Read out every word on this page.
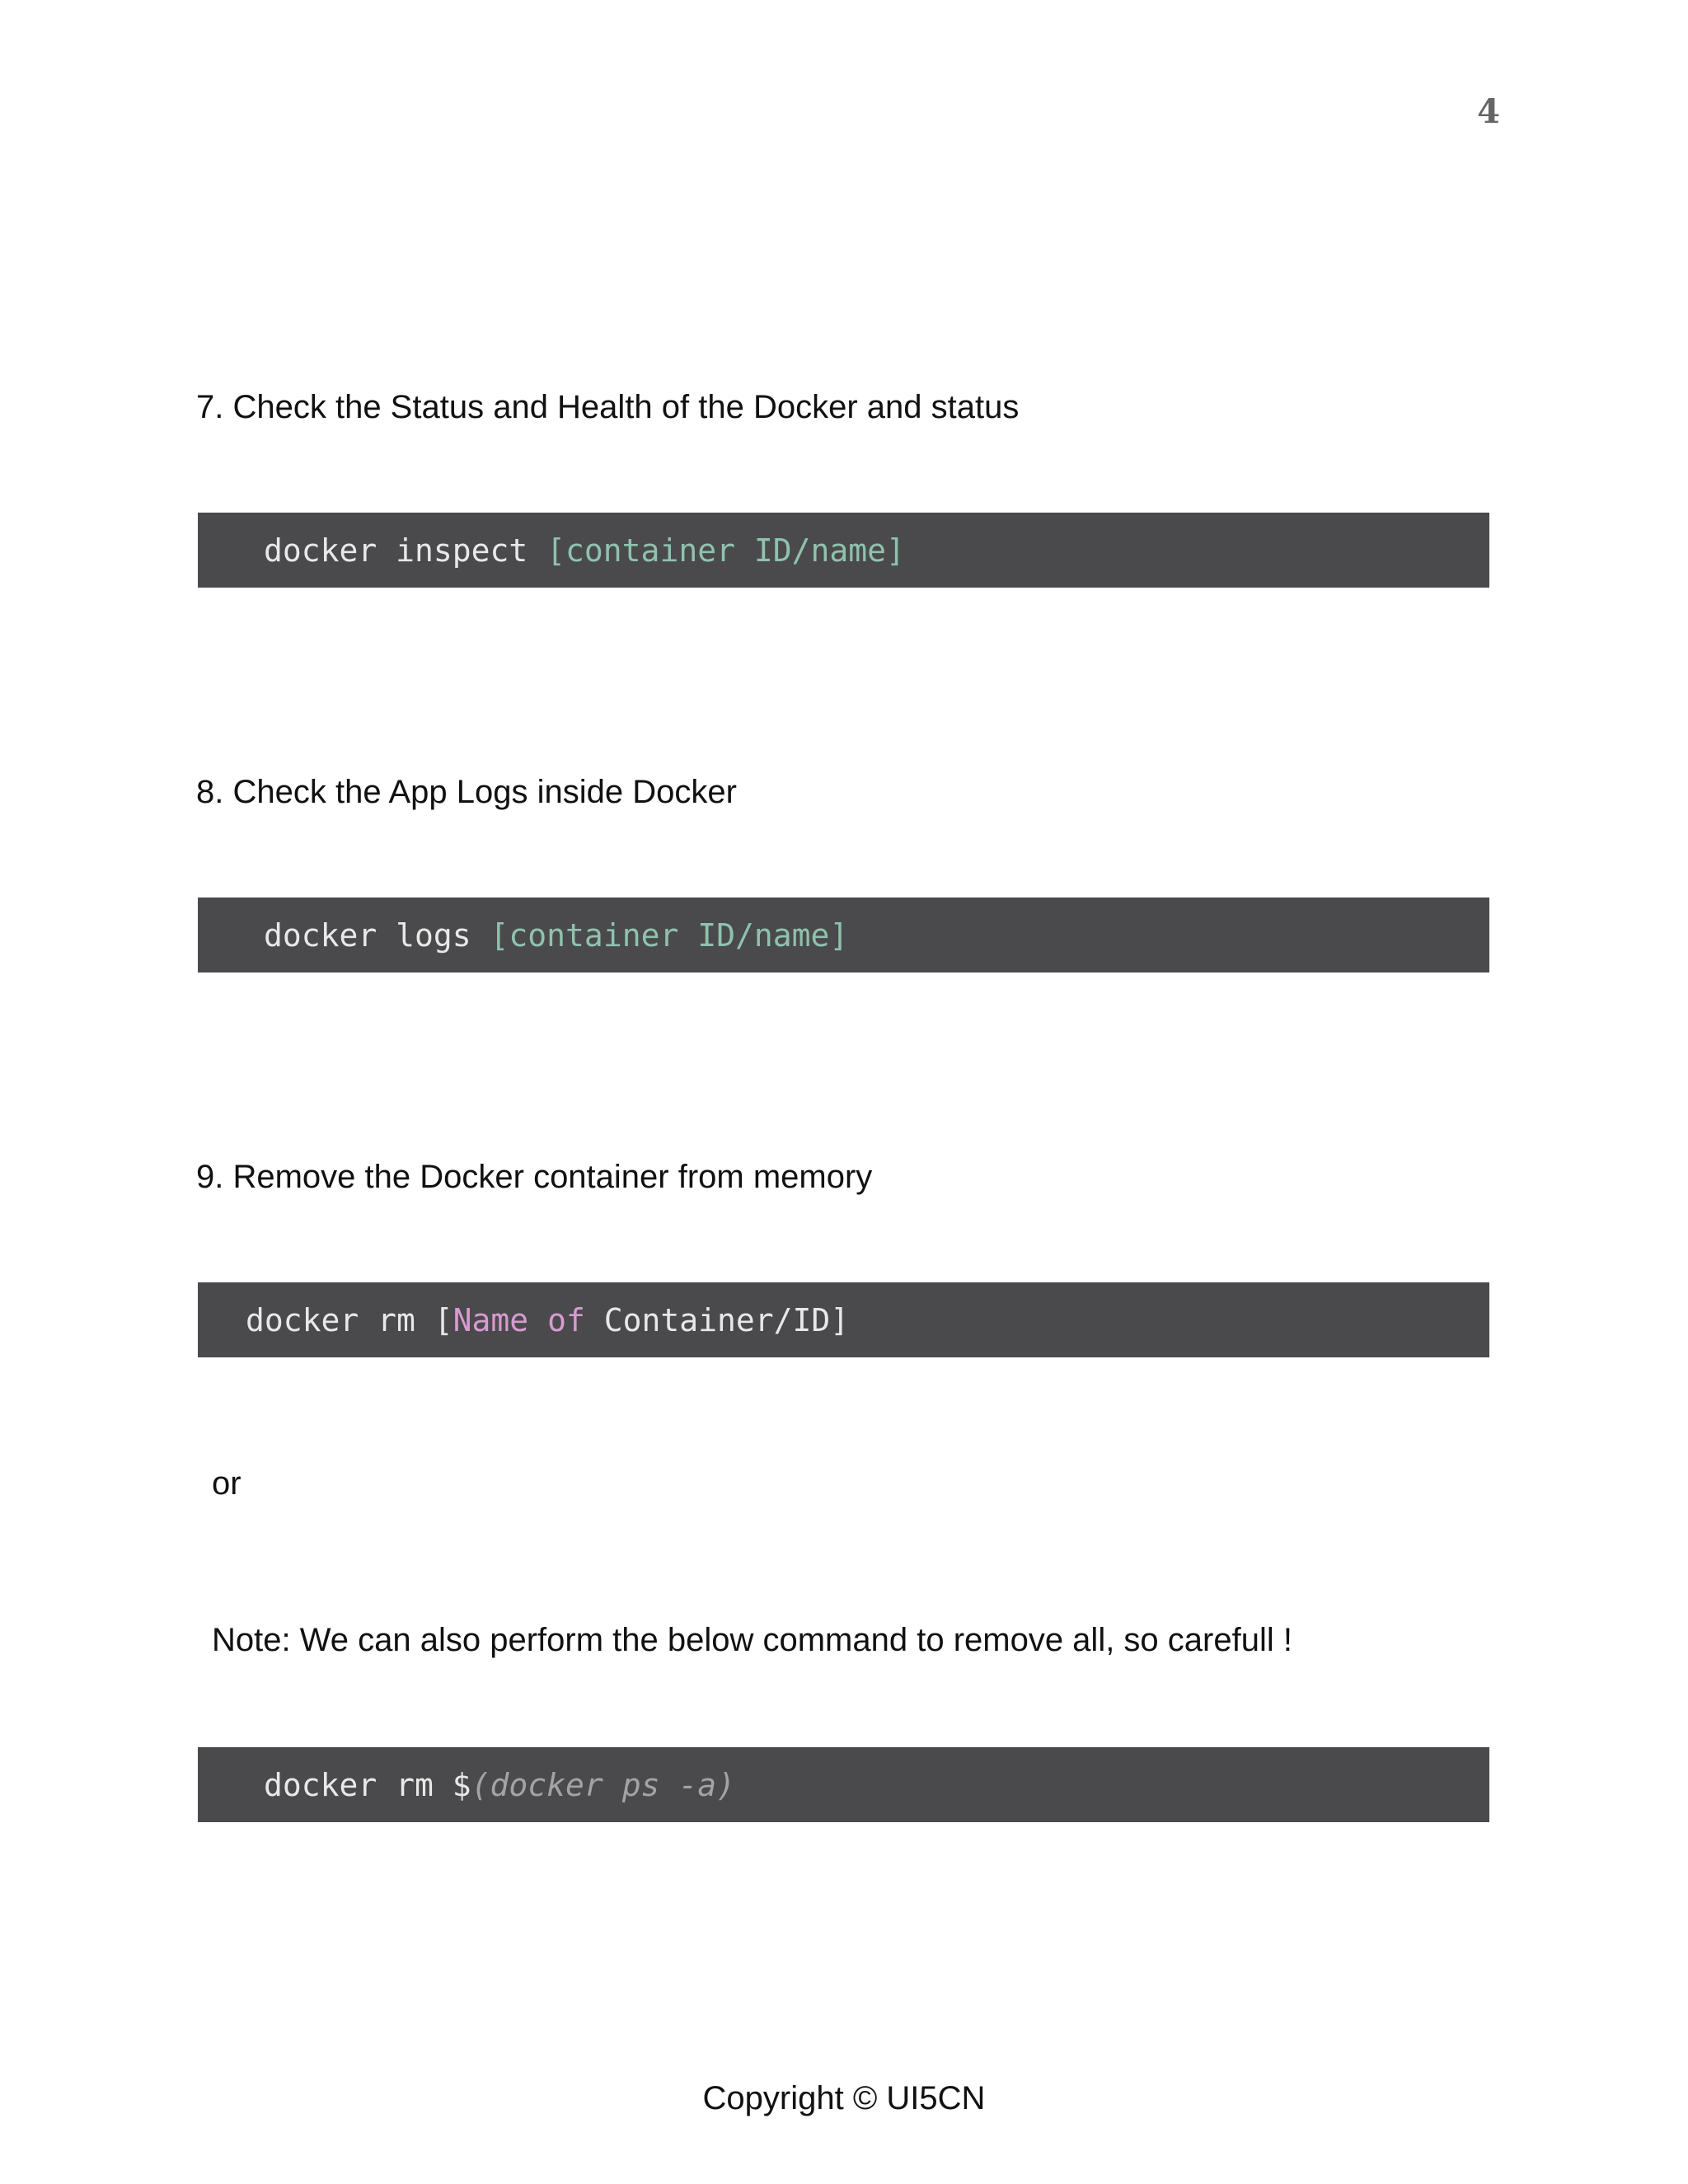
4
7. Check the Status and Health of the Docker and status
docker inspect [container ID/name]
8. Check the App Logs inside Docker
docker logs [container ID/name]
9. Remove the Docker container from memory
docker rm [ Name
of Container/ID]
or
Note: We can also perform the below command to remove all, so carefull !
docker rm $ (docker ps -a)
Copyright © UI5CN
